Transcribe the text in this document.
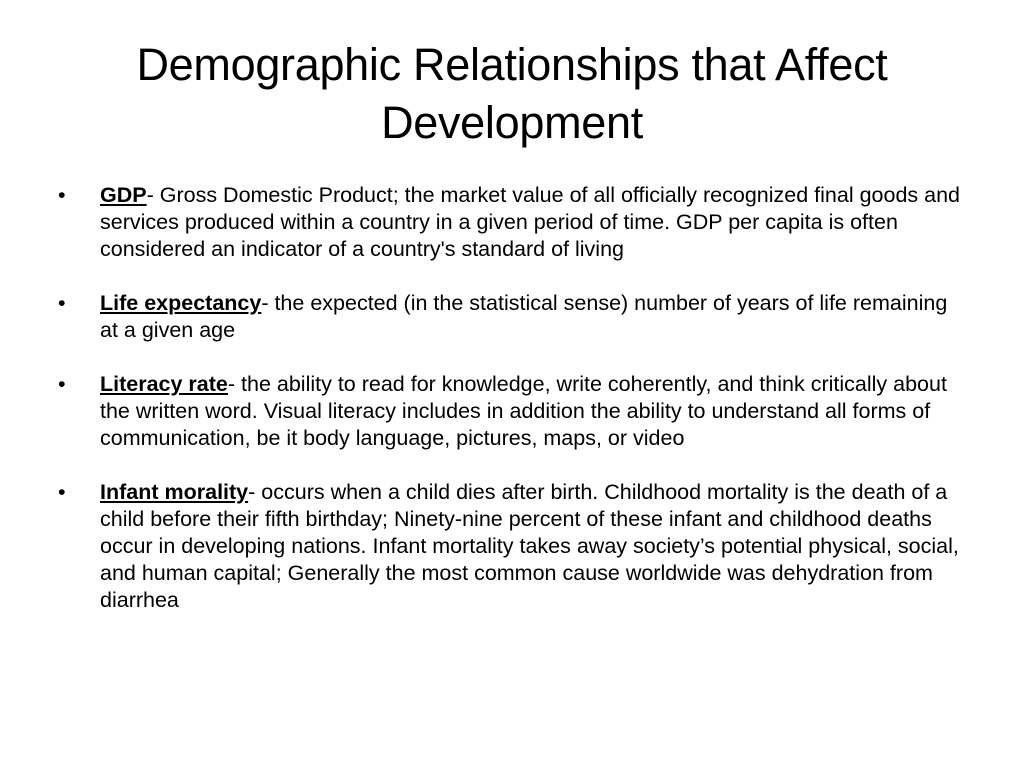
Demographic Relationships that Affect Development
•	GDP- Gross Domestic Product; the market value of all officially recognized final goods and services produced within a country in a given period of time. GDP per capita is often considered an indicator of a country's standard of living
•	Life expectancy- the expected (in the statistical sense) number of years of life remaining at a given age
•	Literacy rate- the ability to read for knowledge, write coherently, and think critically about the written word. Visual literacy includes in addition the ability to understand all forms of communication, be it body language, pictures, maps, or video
•	Infant morality- occurs when a child dies after birth. Childhood mortality is the death of a child before their fifth birthday; Ninety-nine percent of these infant and childhood deaths occur in developing nations. Infant mortality takes away society’s potential physical, social, and human capital; Generally the most common cause worldwide was dehydration from diarrhea
